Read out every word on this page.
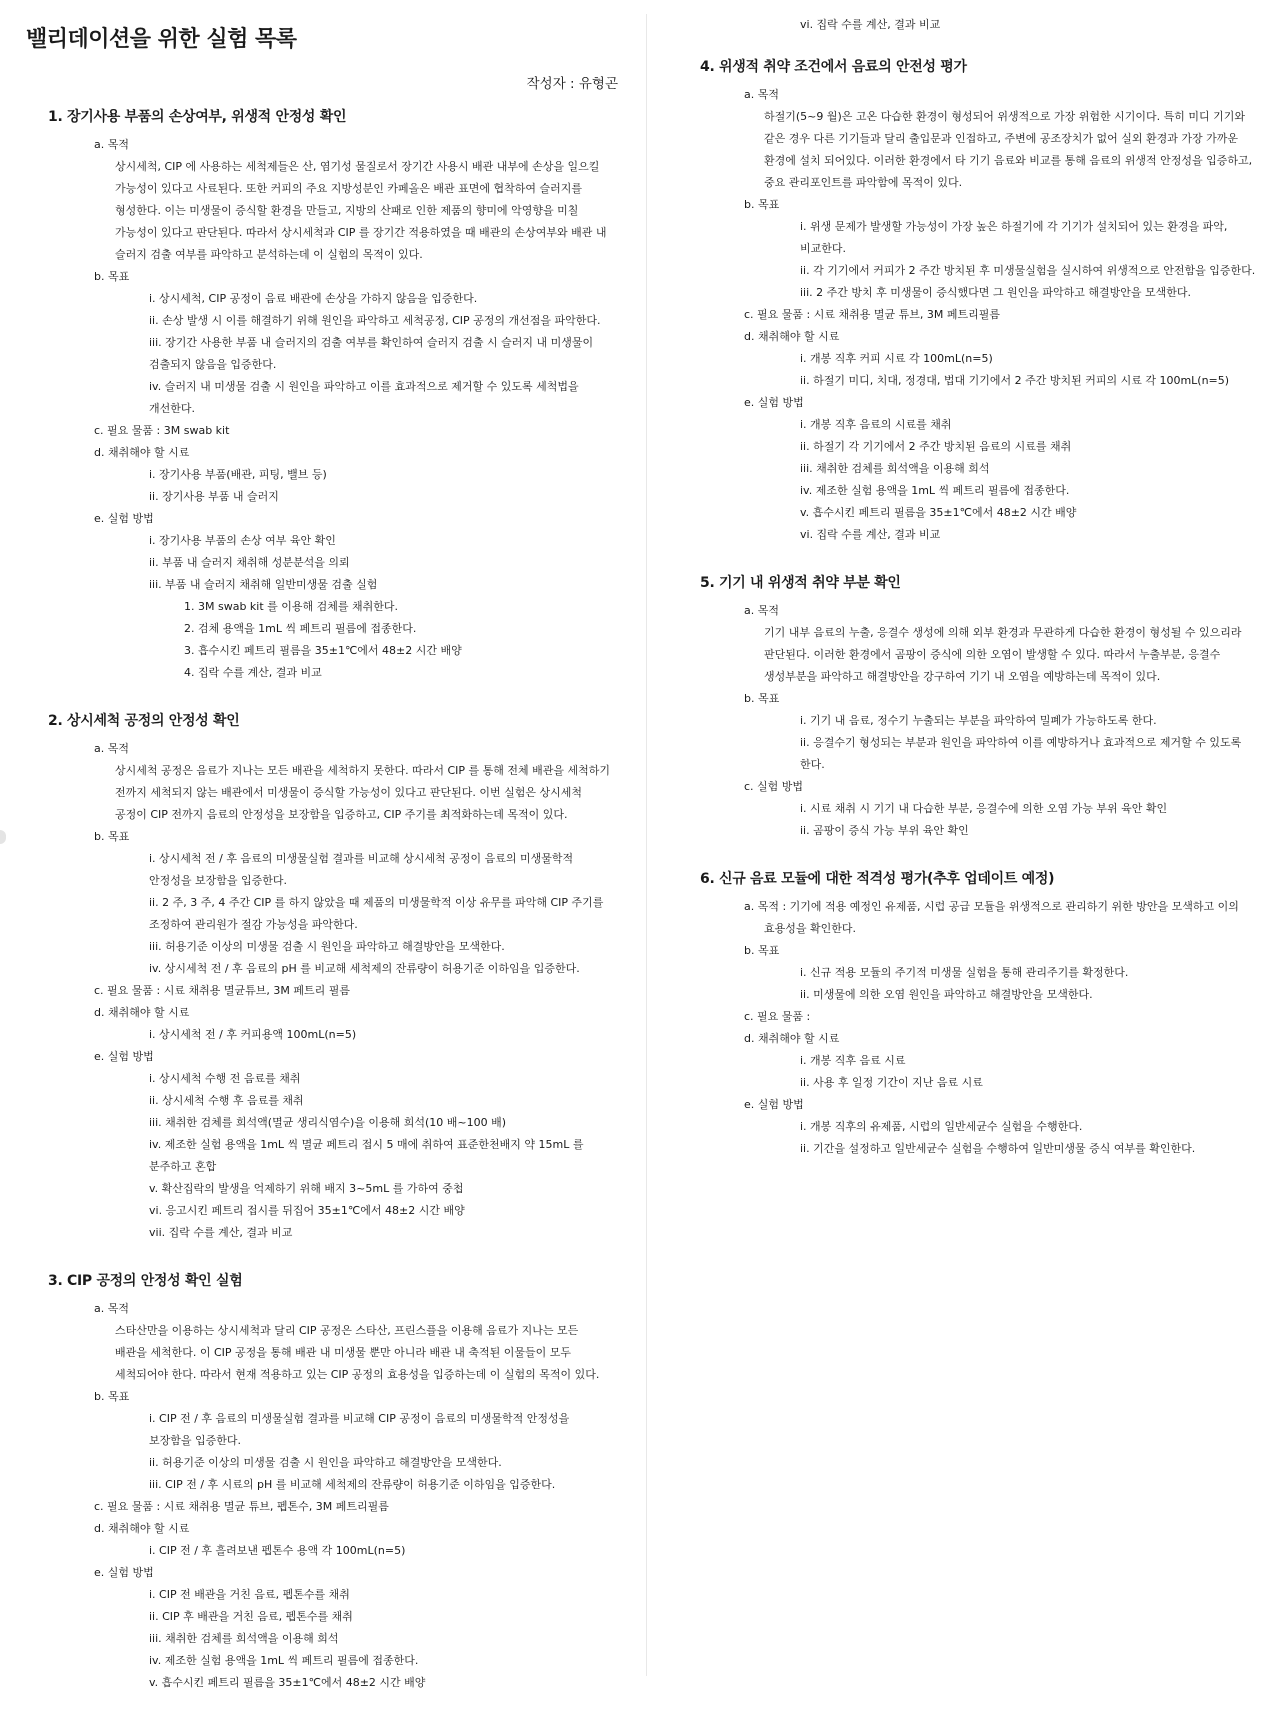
밸리데이션을 위한 실험 목록
작성자 : 유형곤
1. 장기사용 부품의 손상여부, 위생적 안정성 확인
a. 목적
상시세척, CIP 에 사용하는 세척제들은 산, 염기성 물질로서 장기간 사용시 배관 내부에 손상을 일으킬
가능성이 있다고 사료된다. 또한 커피의 주요 지방성분인 카페올은 배관 표면에 협착하여 슬러지를
형성한다. 이는 미생물이 증식할 환경을 만들고, 지방의 산패로 인한 제품의 향미에 악영향을 미칠
가능성이 있다고 판단된다. 따라서 상시세척과 CIP 를 장기간 적용하였을 때 배관의 손상여부와 배관 내
슬러지 검출 여부를 파악하고 분석하는데 이 실험의 목적이 있다.
b. 목표
i. 상시세척, CIP 공정이 음료 배관에 손상을 가하지 않음을 입증한다.
ii. 손상 발생 시 이를 해결하기 위해 원인을 파악하고 세척공정, CIP 공정의 개선점을 파악한다.
iii. 장기간 사용한 부품 내 슬러지의 검출 여부를 확인하여 슬러지 검출 시 슬러지 내 미생물이
검출되지 않음을 입증한다.
iv. 슬러지 내 미생물 검출 시 원인을 파악하고 이를 효과적으로 제거할 수 있도록 세척법을
개선한다.
c. 필요 물품 : 3M swab kit
d. 채취해야 할 시료
i. 장기사용 부품(배관, 피팅, 밸브 등)
ii. 장기사용 부품 내 슬러지
e. 실험 방법
i. 장기사용 부품의 손상 여부 육안 확인
ii. 부품 내 슬러지 채취해 성분분석을 의뢰
iii. 부품 내 슬러지 채취해 일반미생물 검출 실험
1. 3M swab kit 를 이용해 검체를 채취한다.
2. 검체 용액을 1mL 씩 페트리 필름에 접종한다.
3. 흡수시킨 페트리 필름을 35±1℃에서 48±2 시간 배양
4. 집락 수를 계산, 결과 비교
2. 상시세척 공정의 안정성 확인
a. 목적
상시세척 공정은 음료가 지나는 모든 배관을 세척하지 못한다. 따라서 CIP 를 통해 전체 배관을 세척하기
전까지 세척되지 않는 배관에서 미생물이 증식할 가능성이 있다고 판단된다. 이번 실험은 상시세척
공정이 CIP 전까지 음료의 안정성을 보장함을 입증하고, CIP 주기를 최적화하는데 목적이 있다.
b. 목표
i. 상시세척 전 / 후 음료의 미생물실험 결과를 비교해 상시세척 공정이 음료의 미생물학적
안정성을 보장함을 입증한다.
ii. 2 주, 3 주, 4 주간 CIP 를 하지 않았을 때 제품의 미생물학적 이상 유무를 파악해 CIP 주기를
조정하여 관리원가 절감 가능성을 파악한다.
iii. 허용기준 이상의 미생물 검출 시 원인을 파악하고 해결방안을 모색한다.
iv. 상시세척 전 / 후 음료의 pH 를 비교해 세척제의 잔류량이 허용기준 이하임을 입증한다.
c. 필요 물품 : 시료 채취용 멸균튜브, 3M 페트리 필름
d. 채취해야 할 시료
i. 상시세척 전 / 후 커피용액 100mL(n=5)
e. 실험 방법
i. 상시세척 수행 전 음료를 채취
ii. 상시세척 수행 후 음료를 채취
iii. 채취한 검체를 희석액(멸균 생리식염수)을 이용해 희석(10 배~100 배)
iv. 제조한 실험 용액을 1mL 씩 멸균 페트리 접시 5 매에 취하여 표준한천배지 약 15mL 를
분주하고 혼합
v. 확산집락의 발생을 억제하기 위해 배지 3~5mL 를 가하여 중첩
vi. 응고시킨 페트리 접시를 뒤집어 35±1℃에서 48±2 시간 배양
vii. 집락 수를 계산, 결과 비교
3. CIP 공정의 안정성 확인 실험
a. 목적
스타산만을 이용하는 상시세척과 달리 CIP 공정은 스타산, 프린스플을 이용해 음료가 지나는 모든
배관을 세척한다. 이 CIP 공정을 통해 배관 내 미생물 뿐만 아니라 배관 내 축적된 이물들이 모두
세척되어야 한다. 따라서 현재 적용하고 있는 CIP 공정의 효용성을 입증하는데 이 실험의 목적이 있다.
b. 목표
i. CIP 전 / 후 음료의 미생물실험 결과를 비교해 CIP 공정이 음료의 미생물학적 안정성을
보장함을 입증한다.
ii. 허용기준 이상의 미생물 검출 시 원인을 파악하고 해결방안을 모색한다.
iii. CIP 전 / 후 시료의 pH 를 비교해 세척제의 잔류량이 허용기준 이하임을 입증한다.
c. 필요 물품 : 시료 채취용 멸균 튜브, 펩톤수, 3M 페트리필름
d. 채취해야 할 시료
i. CIP 전 / 후 흘려보낸 펩톤수 용액 각 100mL(n=5)
e. 실험 방법
i. CIP 전 배관을 거친 음료, 펩톤수를 채취
ii. CIP 후 배관을 거친 음료, 펩톤수를 채취
iii. 채취한 검체를 희석액을 이용해 희석
iv. 제조한 실험 용액을 1mL 씩 페트리 필름에 접종한다.
v. 흡수시킨 페트리 필름을 35±1℃에서 48±2 시간 배양
vi. 집락 수를 계산, 결과 비교
4. 위생적 취약 조건에서 음료의 안전성 평가
a. 목적
하절기(5~9 월)은 고온 다습한 환경이 형성되어 위생적으로 가장 위험한 시기이다. 특히 미디 기기와
같은 경우 다른 기기들과 달리 출입문과 인접하고, 주변에 공조장치가 없어 실외 환경과 가장 가까운
환경에 설치 되어있다. 이러한 환경에서 타 기기 음료와 비교를 통해 음료의 위생적 안정성을 입증하고,
중요 관리포인트를 파악함에 목적이 있다.
b. 목표
i. 위생 문제가 발생할 가능성이 가장 높은 하절기에 각 기기가 설치되어 있는 환경을 파악,
비교한다.
ii. 각 기기에서 커피가 2 주간 방치된 후 미생물실험을 실시하여 위생적으로 안전함을 입증한다.
iii. 2 주간 방치 후 미생물이 증식했다면 그 원인을 파악하고 해결방안을 모색한다.
c. 필요 물품 : 시료 채취용 멸균 튜브, 3M 페트리필름
d. 채취해야 할 시료
i. 개봉 직후 커피 시료 각 100mL(n=5)
ii. 하절기 미디, 치대, 정경대, 법대 기기에서 2 주간 방치된 커피의 시료 각 100mL(n=5)
e. 실험 방법
i. 개봉 직후 음료의 시료를 채취
ii. 하절기 각 기기에서 2 주간 방치된 음료의 시료를 채취
iii. 채취한 검체를 희석액을 이용해 희석
iv. 제조한 실험 용액을 1mL 씩 페트리 필름에 접종한다.
v. 흡수시킨 페트리 필름을 35±1℃에서 48±2 시간 배양
vi. 집락 수를 계산, 결과 비교
5. 기기 내 위생적 취약 부분 확인
a. 목적
기기 내부 음료의 누출, 응결수 생성에 의해 외부 환경과 무관하게 다습한 환경이 형성될 수 있으리라
판단된다. 이러한 환경에서 곰팡이 증식에 의한 오염이 발생할 수 있다. 따라서 누출부분, 응결수
생성부분을 파악하고 해결방안을 강구하여 기기 내 오염을 예방하는데 목적이 있다.
b. 목표
i. 기기 내 음료, 정수기 누출되는 부분을 파악하여 밀폐가 가능하도록 한다.
ii. 응결수기 형성되는 부분과 원인을 파악하여 이를 예방하거나 효과적으로 제거할 수 있도록
한다.
c. 실험 방법
i. 시료 채취 시 기기 내 다습한 부분, 응결수에 의한 오염 가능 부위 육안 확인
ii. 곰팡이 증식 가능 부위 육안 확인
6. 신규 음료 모듈에 대한 적격성 평가(추후 업데이트 예정)
a. 목적 : 기기에 적용 예정인 유제품, 시럽 공급 모듈을 위생적으로 관리하기 위한 방안을 모색하고 이의
효용성을 확인한다.
b. 목표
i. 신규 적용 모듈의 주기적 미생물 실험을 통해 관리주기를 확정한다.
ii. 미생물에 의한 오염 원인을 파악하고 해결방안을 모색한다.
c. 필요 물품 :
d. 채취해야 할 시료
i. 개봉 직후 음료 시료
ii. 사용 후 일정 기간이 지난 음료 시료
e. 실험 방법
i. 개봉 직후의 유제품, 시럽의 일반세균수 실험을 수행한다.
ii. 기간을 설정하고 일반세균수 실험을 수행하여 일반미생물 증식 여부를 확인한다.
